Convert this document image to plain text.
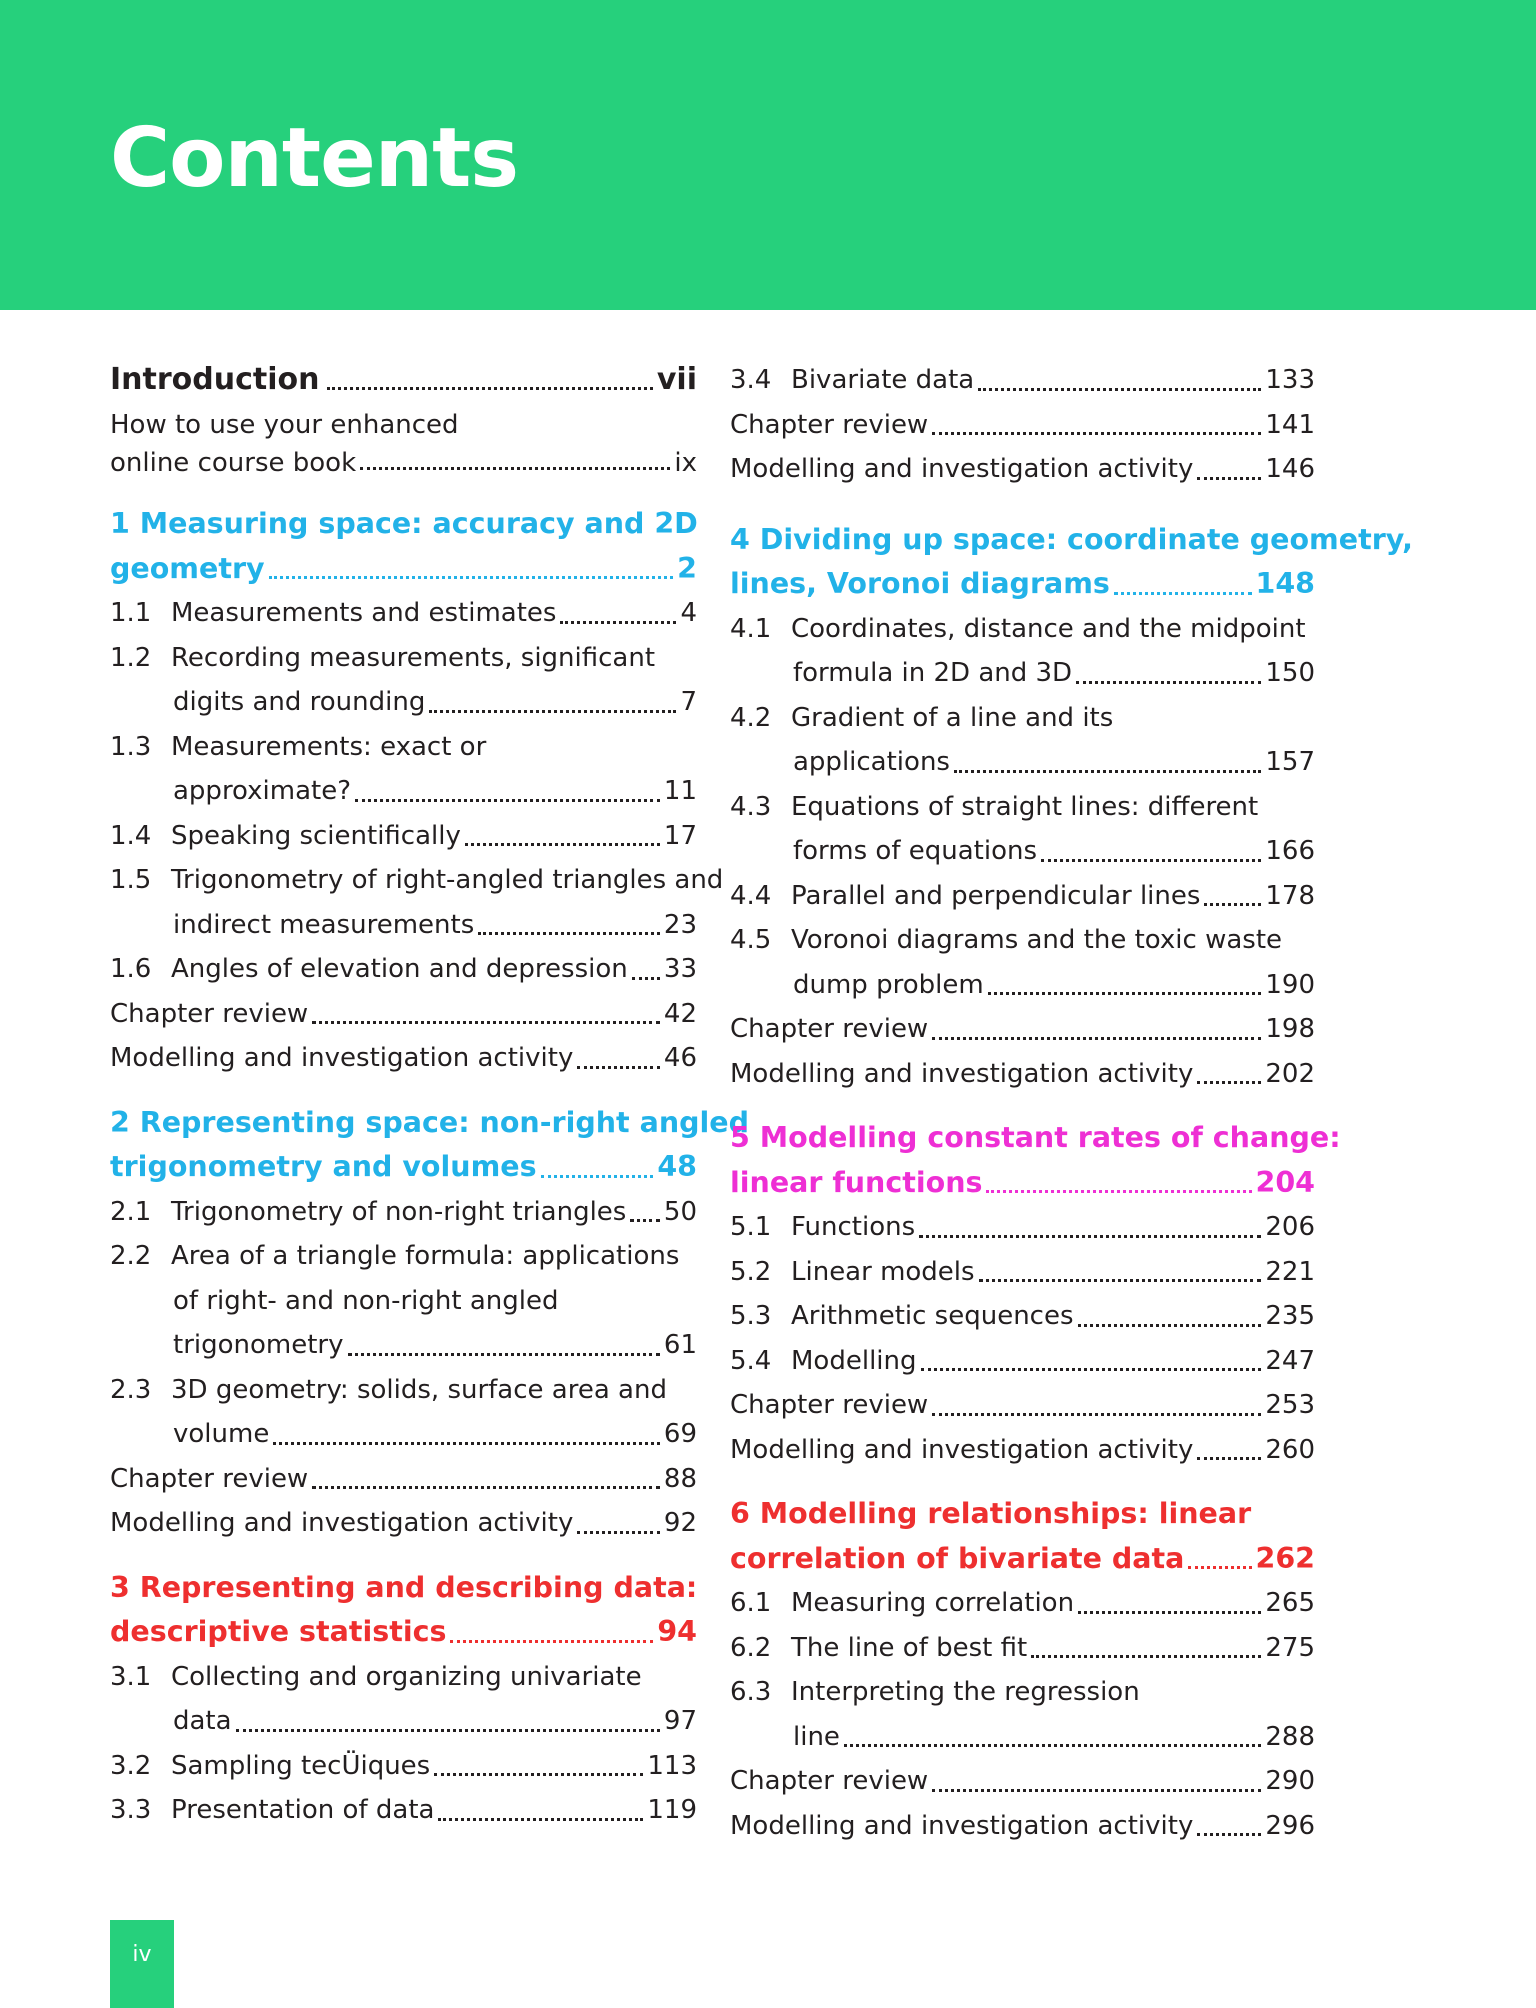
Contents
Introduction	vii
How to use your enhanced
online course book	ix
1 Measuring space: accuracy and 2D
geometry	2
1.1 Measurements and estimates	4
1.2 Recording measurements, significant
digits and rounding	7
1.3 Measurements: exact or
approximate?	11
1.4 Speaking scientifically	17
1.5 Trigonometry of right-angled triangles and
indirect measurements	23
1.6 Angles of elevation and depression 33
Chapter review	42
Modelling and investigation activity	46
2 Representing space: non-right angled
trigonometry and volumes	48
2.1 Trigonometry of non-right triangles 50
2.2 Area of a triangle formula: applications
of right- and non-right angled
trigonometry	61
2.3 3D geometry: solids, surface area and
volume	69
Chapter review	88
Modelling and investigation activity	92
3 Representing and describing data:
descriptive statistics	94
3.1 Collecting and organizing univariate
data	97
3.2 Sampling tecÜiques	113
3.3 Presentation of data	119
3.4 Bivariate data	133
Chapter review	141
Modelling and investigation activity	146
4 Dividing up space: coordinate geometry,
lines, Voronoi diagrams	148
4.1 Coordinates, distance and the midpoint
formula in 2D and 3D	150
4.2 Gradient of a line and its
applications	157
4.3 Equations of straight lines: different
forms of equations	166
4.4 Parallel and perpendicular lines 178
4.5 Voronoi diagrams and the toxic waste
dump problem	190
Chapter review	198
Modelling and investigation activity	202
5 Modelling constant rates of change:
linear functions	204
5.1 Functions	206
5.2 Linear models	221
5.3 Arithmetic sequences	235
5.4 Modelling	247
Chapter review	253
Modelling and investigation activity	260
6 Modelling relationships: linear
correlation of bivariate data 262
6.1 Measuring correlation	265
6.2 The line of best fit	275
6.3 Interpreting the regression
line	288
Chapter review	290
Modelling and investigation activity	296
iv
